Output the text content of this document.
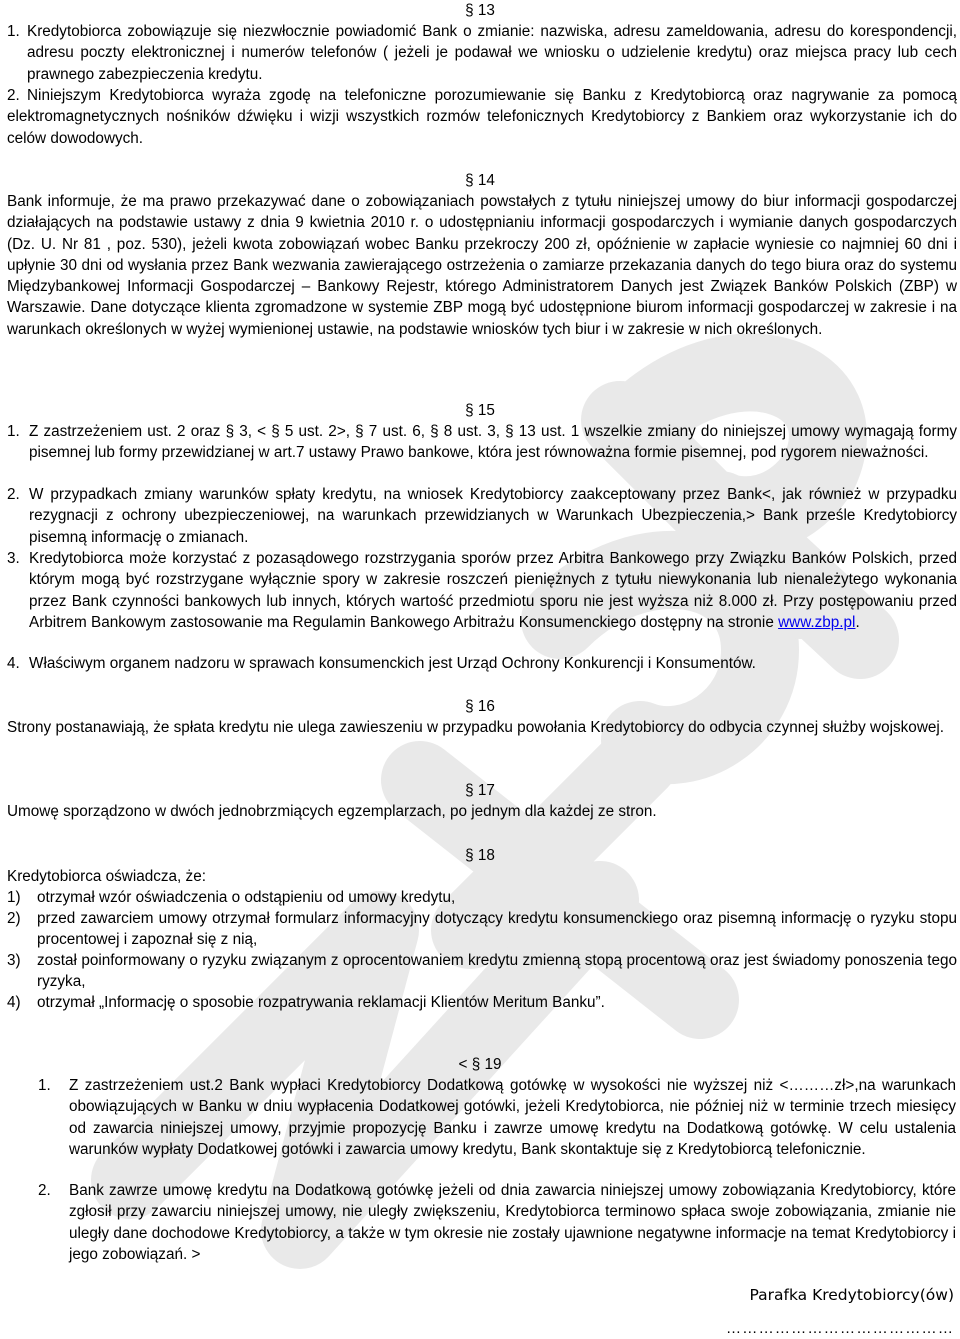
§ 13
1. Kredytobiorca zobowiązuje się niezwłocznie powiadomić Bank o zmianie: nazwiska, adresu zameldowania, adresu do korespondencji, adresu poczty elektronicznej i numerów telefonów ( jeżeli je podawał we wniosku o udzielenie kredytu) oraz miejsca pracy lub cech prawnego zabezpieczenia kredytu.
2. Niniejszym Kredytobiorca wyraża zgodę na telefoniczne porozumiewanie się Banku z Kredytobiorcą oraz nagrywanie za pomocą elektromagnetycznych nośników dźwięku i wizji wszystkich rozmów telefonicznych Kredytobiorcy z Bankiem oraz wykorzystanie ich do celów dowodowych.
§ 14
Bank informuje, że ma prawo przekazywać dane o zobowiązaniach powstałych z tytułu niniejszej umowy do biur informacji gospodarczej działających na podstawie ustawy z dnia 9 kwietnia 2010 r. o udostępnianiu informacji gospodarczych i wymianie danych gospodarczych (Dz. U. Nr 81 , poz. 530), jeżeli kwota zobowiązań wobec Banku przekroczy 200 zł, opóźnienie w zapłacie wyniesie co najmniej 60 dni i upłynie 30 dni od wysłania przez Bank wezwania zawierającego ostrzeżenia o zamiarze przekazania danych do tego biura oraz do systemu Międzybankowej Informacji Gospodarczej – Bankowy Rejestr, którego Administratorem Danych jest Związek Banków Polskich (ZBP) w Warszawie. Dane dotyczące klienta zgromadzone w systemie ZBP mogą być udostępnione biurom informacji gospodarczej w zakresie i na warunkach określonych w wyżej wymienionej ustawie, na podstawie wniosków tych biur i w zakresie w nich określonych.
§ 15
1. Z zastrzeżeniem ust. 2 oraz § 3, < § 5 ust. 2>, § 7 ust. 6, § 8 ust. 3, § 13 ust. 1 wszelkie zmiany do niniejszej umowy wymagają formy pisemnej lub formy przewidzianej w art.7 ustawy Prawo bankowe, która jest równoważna formie pisemnej, pod rygorem nieważności.
2. W przypadkach zmiany warunków spłaty kredytu, na wniosek Kredytobiorcy zaakceptowany przez Bank<, jak również w przypadku rezygnacji z ochrony ubezpieczeniowej, na warunkach przewidzianych w Warunkach Ubezpieczenia,> Bank prześle Kredytobiorcy pisemną informację o zmianach.
3. Kredytobiorca może korzystać z pozasądowego rozstrzygania sporów przez Arbitra Bankowego przy Związku Banków Polskich, przed którym mogą być rozstrzygane wyłącznie spory w zakresie roszczeń pieniężnych z tytułu niewykonania lub nienależytego wykonania przez Bank czynności bankowych lub innych, których wartość przedmiotu sporu nie jest wyższa niż 8.000 zł. Przy postępowaniu przed Arbitrem Bankowym zastosowanie ma Regulamin Bankowego Arbitrażu Konsumenckiego dostępny na stronie www.zbp.pl.
4. Właściwym organem nadzoru w sprawach konsumenckich jest Urząd Ochrony Konkurencji i Konsumentów.
§ 16
Strony postanawiają, że spłata kredytu nie ulega zawieszeniu w przypadku powołania Kredytobiorcy do odbycia czynnej służby wojskowej.
§ 17
Umowę sporządzono w dwóch jednobrzmiących egzemplarzach, po jednym dla każdej ze stron.
§ 18
Kredytobiorca oświadcza, że:
1) otrzymał wzór oświadczenia o odstąpieniu od umowy kredytu,
2) przed zawarciem umowy otrzymał formularz informacyjny dotyczący kredytu konsumenckiego oraz pisemną informację o ryzyku stopu procentowej i zapoznał się z nią,
3) został poinformowany o ryzyku związanym z oprocentowaniem kredytu zmienną stopą procentową oraz jest świadomy ponoszenia tego ryzyka,
4) otrzymał „Informację o sposobie rozpatrywania reklamacji Klientów Meritum Banku”.
< § 19
1. Z zastrzeżeniem ust.2 Bank wypłaci Kredytobiorcy Dodatkową gotówkę w wysokości nie wyższej niż <………zł>,na warunkach obowiązujących w Banku w dniu wypłacenia Dodatkowej gotówki, jeżeli Kredytobiorca, nie później niż w terminie trzech miesięcy od zawarcia niniejszej umowy, przyjmie propozycję Banku i zawrze umowę kredytu na Dodatkową gotówkę. W celu ustalenia warunków wypłaty Dodatkowej gotówki i zawarcia umowy kredytu, Bank skontaktuje się z Kredytobiorcą telefonicznie.
2. Bank zawrze umowę kredytu na Dodatkową gotówkę jeżeli od dnia zawarcia niniejszej umowy zobowiązania Kredytobiorcy, które zgłosił przy zawarciu niniejszej umowy, nie uległy zwiększeniu, Kredytobiorca terminowo spłaca swoje zobowiązania, zmianie nie uległy dane dochodowe Kredytobiorcy, a także w tym okresie nie zostały ujawnione negatywne informacje na temat Kredytobiorcy i jego zobowiązań. >
Parafka Kredytobiorcy(ów)
……………………………………
